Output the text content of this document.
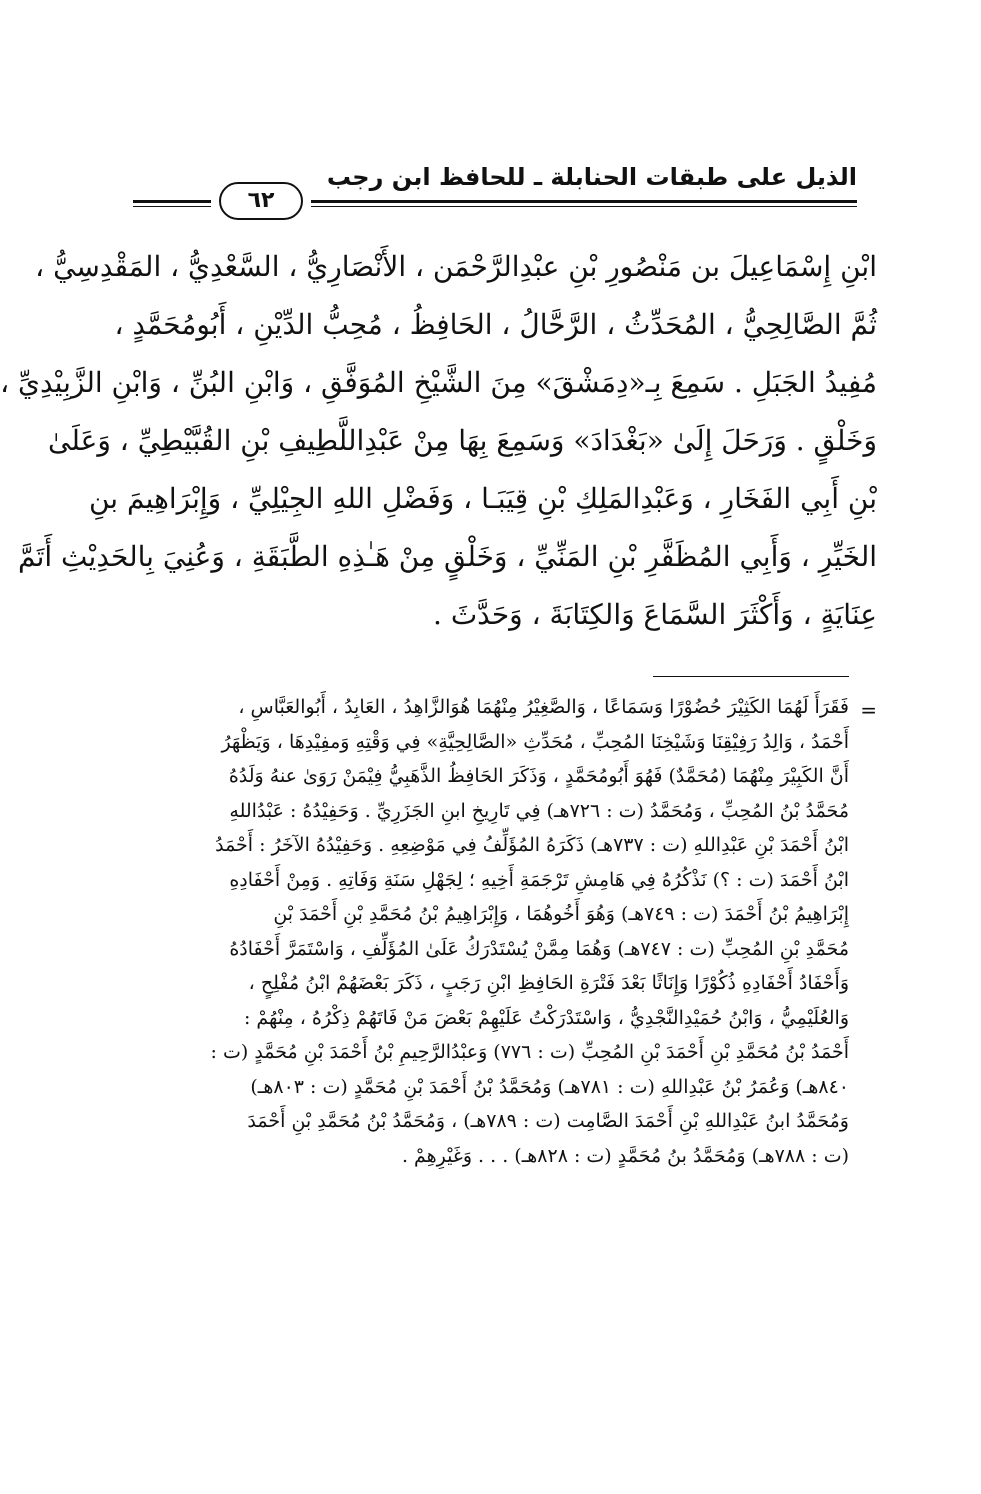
الذيل على طبقات الحنابلة ـ للحافظ ابن رجب
٦٢
ابْنِ إِسْمَاعِيلَ بن مَنْصُورِ بْنِ عبْدِالرَّحْمَن ، الأَنْصَارِيُّ ، السَّعْدِيُّ ، المَقْدِسِيُّ ،
ثُمَّ الصَّالِحِيُّ ، المُحَدِّثُ ، الرَّحَّالُ ، الحَافِظُ ، مُحِبُّ الدِّيْنِ ، أَبُومُحَمَّدٍ ،
مُفِيدُ الجَبَلِ . سَمِعَ بِـ«دِمَشْقَ» مِنَ الشَّيْخِ المُوَفَّقِ ، وَابْنِ البُنِّ ، وَابْنِ الزَّبِيْدِيِّ ،
وَخَلْقٍ . وَرَحَلَ إِلَىٰ «بَغْدَادَ» وَسَمِعَ بِهَا مِنْ عَبْدِاللَّطِيفِ بْنِ القُبَّيْطِيِّ ، وَعَلَىٰ
بْنِ أَبِي الفَخَارِ ، وَعَبْدِالمَلِكِ بْنِ قِيَبَـا ، وَفَضْلِ اللهِ الجِيْلِيِّ ، وَإِبْرَاهِيمَ بنِ
الخَيِّرِ ، وَأَبِي المُظَفَّرِ بْنِ المَنِّيِّ ، وَخَلْقٍ مِنْ هَـٰذِهِ الطَّبَقَةِ ، وَعُنِيَ بِالحَدِيْثِ أَتَمَّ
عِنَايَةٍ ، وَأَكْثَرَ السَّمَاعَ وَالكِتَابَةَ ، وَحَدَّثَ .
=
فَقَرَأَ لَهُمَا الكَثِيْرَ حُضُوْرًا وَسَمَاعًا ، وَالصَّغِيْرُ مِنْهُمَا هُوَالزَّاهِدُ ، العَابِدُ ، أَبُوالعَبَّاسِ ،
أَحْمَدُ ، وَالِدُ رَفِيْقِنَا وَشَيْخِنَا المُحِبِّ ، مُحَدِّثِ «الصَّالِحِيَّةِ» فِي وَقْتِهِ وَمفِيْدِهَا ، وَيَظْهَرُ
أَنَّ الكَبِيْرَ مِنْهُمَا (مُحَمَّدٌ) فَهُوَ أَبُومُحَمَّدٍ ، وَذَكَرَ الحَافِظُ الذَّهَبِيُّ فِيْمَنْ رَوَىٰ عنهُ وَلَدُهُ
مُحَمَّدُ بْنُ المُحِبِّ ، وَمُحَمَّدُ (ت : ٧٢٦هـ) فِي تَارِيخِ ابنِ الجَزَرِيِّ . وَحَفِيْدُهُ : عَبْدُاللهِ
ابْنُ أَحْمَدَ بْنِ عَبْدِاللهِ (ت : ٧٣٧هـ) ذَكَرَهُ المُؤَلِّفُ فِي مَوْضِعِهِ . وَحَفِيْدُهُ الآخَرُ : أَحْمَدُ
ابْنُ أَحْمَدَ (ت : ؟) نَذْكُرُهُ فِي هَامِشِ تَرْجَمَةِ أَخِيهِ ؛ لِجَهْلِ سَنَةِ وَفَاتِهِ . وَمِنْ أَحْفَادِهِ
إِبْرَاهِيمُ بْنُ أَحْمَدَ (ت : ٧٤٩هـ) وَهُوَ أَخُوهُمَا ، وَإِبْرَاهِيمُ بْنُ مُحَمَّدِ بْنِ أَحْمَدَ بْنِ
مُحَمَّدِ بْنِ المُحِبِّ (ت : ٧٤٧هـ) وَهُمَا مِمَّنْ يُسْتَدْرَكُ عَلَىٰ المُؤَلِّفِ ، وَاسْتَمَرَّ أَحْفَادُهُ
وَأَحْفَادُ أَحْفَادِهِ ذُكُوْرًا وَإِنَاثًا بَعْدَ فَتْرَةِ الحَافِظِ ابْنِ رَجَبٍ ، ذَكَرَ بَعْضَهُمْ ابْنُ مُفْلِحٍ ،
وَالعُلَيْمِيُّ ، وَابْنُ حُمَيْدِالنَّجْدِيُّ ، وَاسْتَدْرَكْتُ عَلَيْهِمْ بَعْضَ مَنْ فَاتَهُمْ ذِكْرُهُ ، مِنْهُمْ :
أَحْمَدُ بْنُ مُحَمَّدِ بْنِ أَحْمَدَ بْنِ المُحِبِّ (ت : ٧٧٦) وَعبْدُالرَّحِيمِ بْنُ أَحْمَدَ بْنِ مُحَمَّدٍ (ت :
٨٤٠هـ) وَعُمَرُ بْنُ عَبْدِاللهِ (ت : ٧٨١هـ) وَمُحَمَّدُ بْنُ أَحْمَدَ بْنِ مُحَمَّدٍ (ت : ٨٠٣هـ)
وَمُحَمَّدُ ابنُ عَبْدِاللهِ بْنِ أَحْمَدَ الصَّامِت (ت : ٧٨٩هـ) ، وَمُحَمَّدُ بْنُ مُحَمَّدِ بْنِ أَحْمَدَ
(ت : ٧٨٨هـ) وَمُحَمَّدُ بنُ مُحَمَّدٍ (ت : ٨٢٨هـ) . . . وَغَيْرِهِمْ .
